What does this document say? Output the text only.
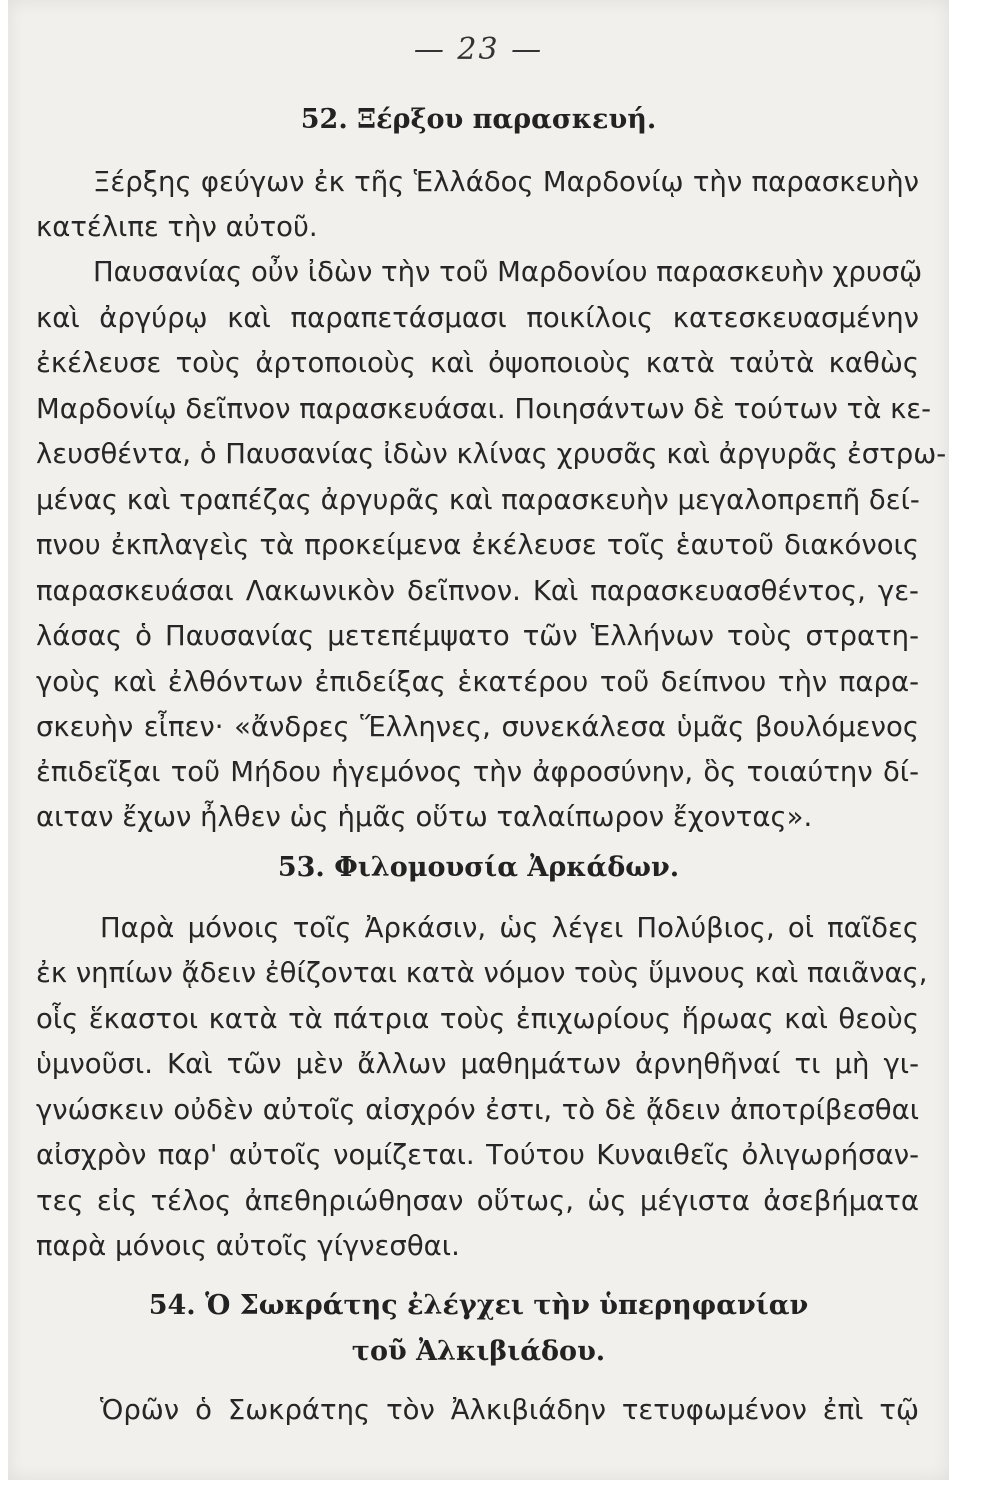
— 23 —
52. Ξέρξου παρασκευή.
Ξέρξης φεύγων ἐκ τῆς Ἑλλάδος Μαρδονίῳ τὴν παρασκευὴν
κατέλιπε τὴν αὐτοῦ.
Παυσανίας οὖν ἰδὼν τὴν τοῦ Μαρδονίου παρασκευὴν χρυσῷ
καὶ ἀργύρῳ καὶ παραπετάσμασι ποικίλοις κατεσκευασμένην
ἐκέλευσε τοὺς ἀρτοποιοὺς καὶ ὀψοποιοὺς κατὰ ταὐτὰ καθὼς
Μαρδονίῳ δεῖπνον παρασκευάσαι. Ποιησάντων δὲ τούτων τὰ κε-
λευσθέντα, ὁ Παυσανίας ἰδὼν κλίνας χρυσᾶς καὶ ἀργυρᾶς ἐστρω-
μένας καὶ τραπέζας ἀργυρᾶς καὶ παρασκευὴν μεγαλοπρεπῆ δεί-
πνου ἐκπλαγεὶς τὰ προκείμενα ἐκέλευσε τοῖς ἑαυτοῦ διακόνοις
παρασκευάσαι Λακωνικὸν δεῖπνον. Καὶ παρασκευασθέντος, γε-
λάσας ὁ Παυσανίας μετεπέμψατο τῶν Ἑλλήνων τοὺς στρατη-
γοὺς καὶ ἐλθόντων ἐπιδείξας ἑκατέρου τοῦ δείπνου τὴν παρα-
σκευὴν εἶπεν· «ἄνδρες Ἕλληνες, συνεκάλεσα ὑμᾶς βουλόμενος
ἐπιδεῖξαι τοῦ Μήδου ἡγεμόνος τὴν ἀφροσύνην, ὃς τοιαύτην δί-
αιταν ἔχων ἦλθεν ὡς ἡμᾶς οὕτω ταλαίπωρον ἔχοντας».
53. Φιλομουσία Ἀρκάδων.
Παρὰ μόνοις τοῖς Ἀρκάσιν, ὡς λέγει Πολύβιος, οἱ παῖδες
ἐκ νηπίων ᾄδειν ἐθίζονται κατὰ νόμον τοὺς ὕμνους καὶ παιᾶνας,
οἷς ἕκαστοι κατὰ τὰ πάτρια τοὺς ἐπιχωρίους ἥρωας καὶ θεοὺς
ὑμνοῦσι. Καὶ τῶν μὲν ἄλλων μαθημάτων ἀρνηθῆναί τι μὴ γι-
γνώσκειν οὐδὲν αὐτοῖς αἰσχρόν ἐστι, τὸ δὲ ᾄδειν ἀποτρίβεσθαι
αἰσχρὸν παρ' αὐτοῖς νομίζεται. Τούτου Κυναιθεῖς ὀλιγωρήσαν-
τες εἰς τέλος ἀπεθηριώθησαν οὕτως, ὡς μέγιστα ἀσεβήματα
παρὰ μόνοις αὐτοῖς γίγνεσθαι.
54. Ὁ Σωκράτης ἐλέγχει τὴν ὑπερηφανίαν
τοῦ Ἀλκιβιάδου.
Ὁρῶν ὁ Σωκράτης τὸν Ἀλκιβιάδην τετυφωμένον ἐπὶ τῷ
